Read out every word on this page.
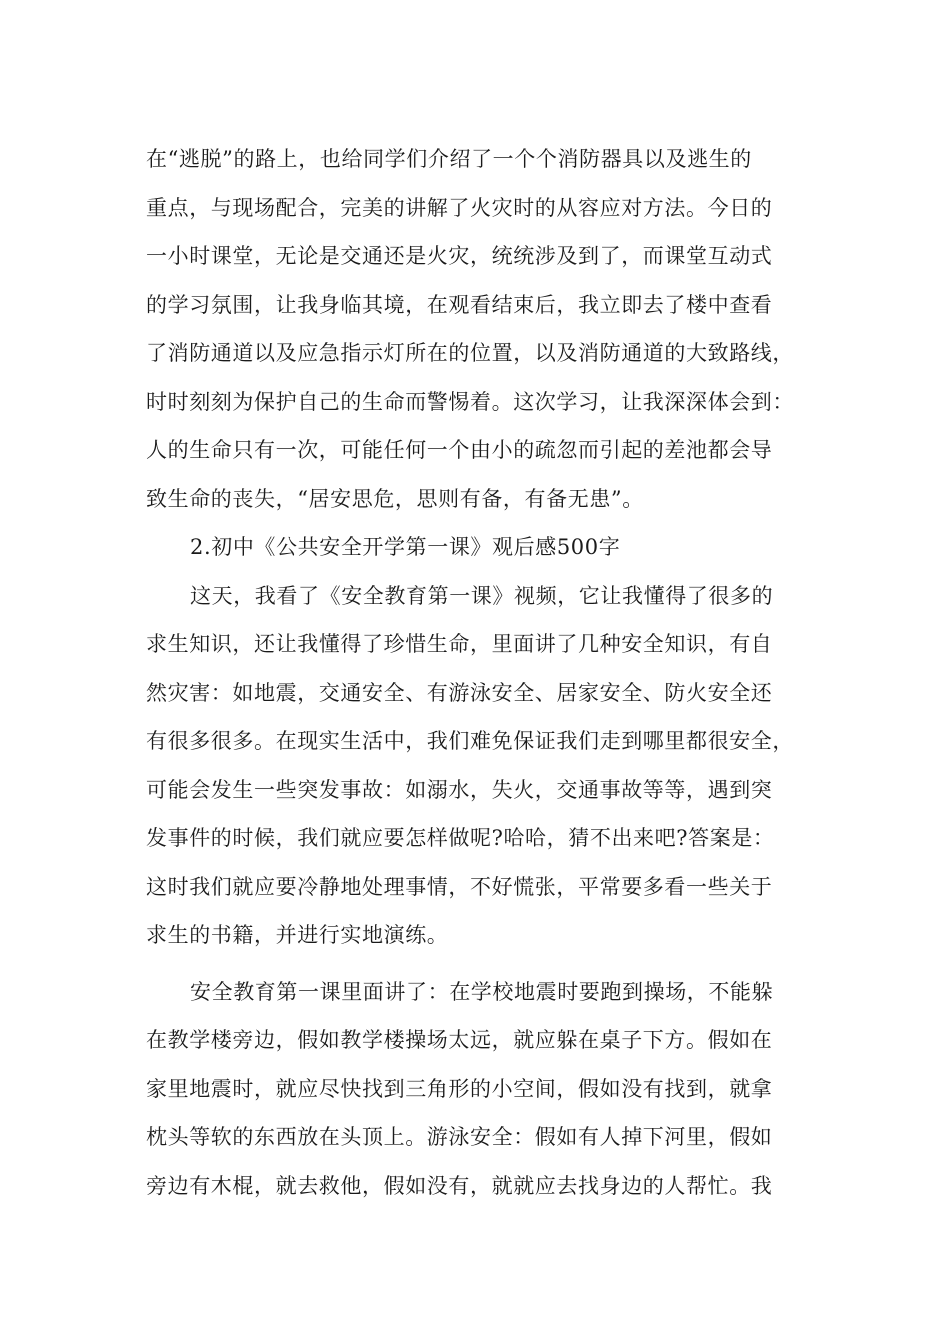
在“逃脱”的路上，也给同学们介绍了一个个消防器具以及逃生的
重点，与现场配合，完美的讲解了火灾时的从容应对方法。今日的
一小时课堂，无论是交通还是火灾，统统涉及到了，而课堂互动式
的学习氛围，让我身临其境，在观看结束后，我立即去了楼中查看
了消防通道以及应急指示灯所在的位置，以及消防通道的大致路线，
时时刻刻为保护自己的生命而警惕着。这次学习，让我深深体会到：
人的生命只有一次，可能任何一个由小的疏忽而引起的差池都会导
致生命的丧失，“居安思危，思则有备，有备无患”。
2.初中《公共安全开学第一课》观后感500字
这天，我看了《安全教育第一课》视频，它让我懂得了很多的
求生知识，还让我懂得了珍惜生命，里面讲了几种安全知识，有自
然灾害：如地震，交通安全、有游泳安全、居家安全、防火安全还
有很多很多。在现实生活中，我们难免保证我们走到哪里都很安全，
可能会发生一些突发事故：如溺水，失火，交通事故等等，遇到突
发事件的时候，我们就应要怎样做呢?哈哈，猜不出来吧?答案是：
这时我们就应要冷静地处理事情，不好慌张，平常要多看一些关于
求生的书籍，并进行实地演练。
安全教育第一课里面讲了：在学校地震时要跑到操场，不能躲
在教学楼旁边，假如教学楼操场太远，就应躲在桌子下方。假如在
家里地震时，就应尽快找到三角形的小空间，假如没有找到，就拿
枕头等软的东西放在头顶上。游泳安全：假如有人掉下河里，假如
旁边有木棍，就去救他，假如没有，就就应去找身边的人帮忙。我
